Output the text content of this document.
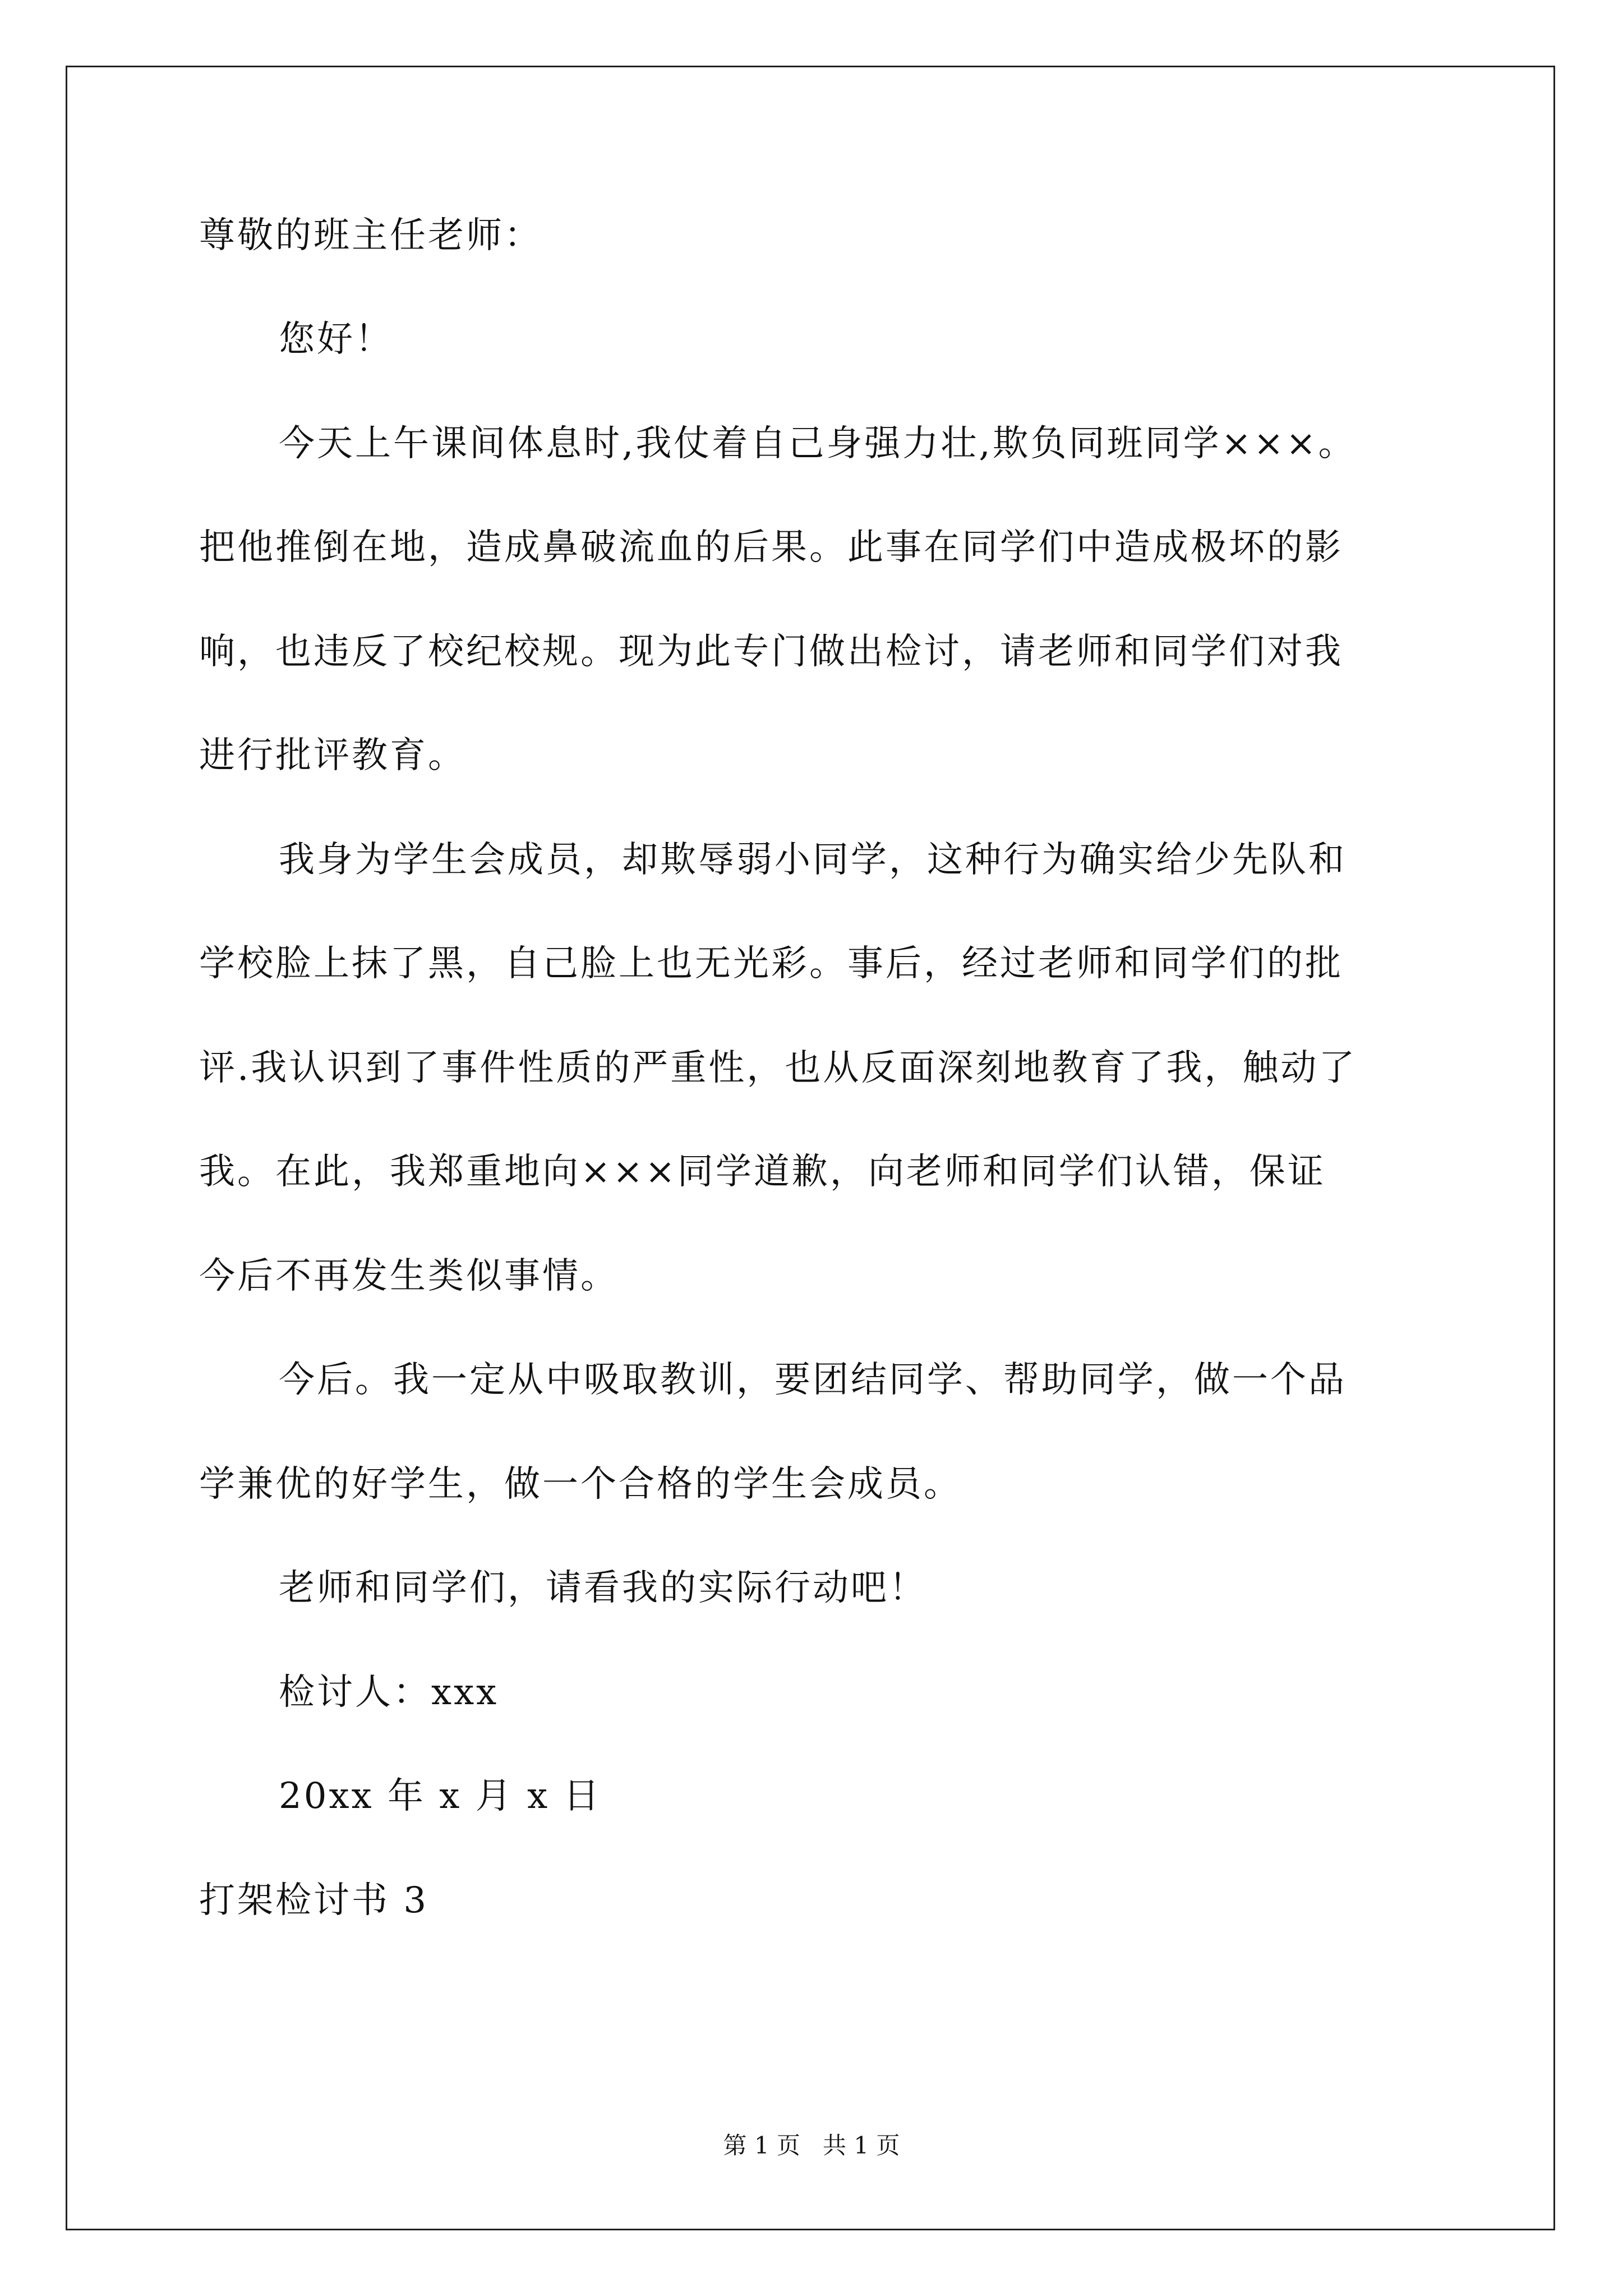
尊敬的班主任老师：
您好！
今天上午课间体息时,我仗着自己身强力壮,欺负同班同学×××。
把他推倒在地，造成鼻破流血的后果。此事在同学们中造成极坏的影
响，也违反了校纪校规。现为此专门做出检讨，请老师和同学们对我
进行批评教育。
我身为学生会成员，却欺辱弱小同学，这种行为确实给少先队和
学校脸上抹了黑，自己脸上也无光彩。事后，经过老师和同学们的批
评.我认识到了事件性质的严重性，也从反面深刻地教育了我，触动了
我。在此，我郑重地向×××同学道歉，向老师和同学们认错，保证
今后不再发生类似事情。
今后。我一定从中吸取教训，要团结同学、帮助同学，做一个品
学兼优的好学生，做一个合格的学生会成员。
老师和同学们，请看我的实际行动吧！
检讨人：xxx
20xx 年 x 月 x 日
打架检讨书 3
第 1 页   共 1 页
